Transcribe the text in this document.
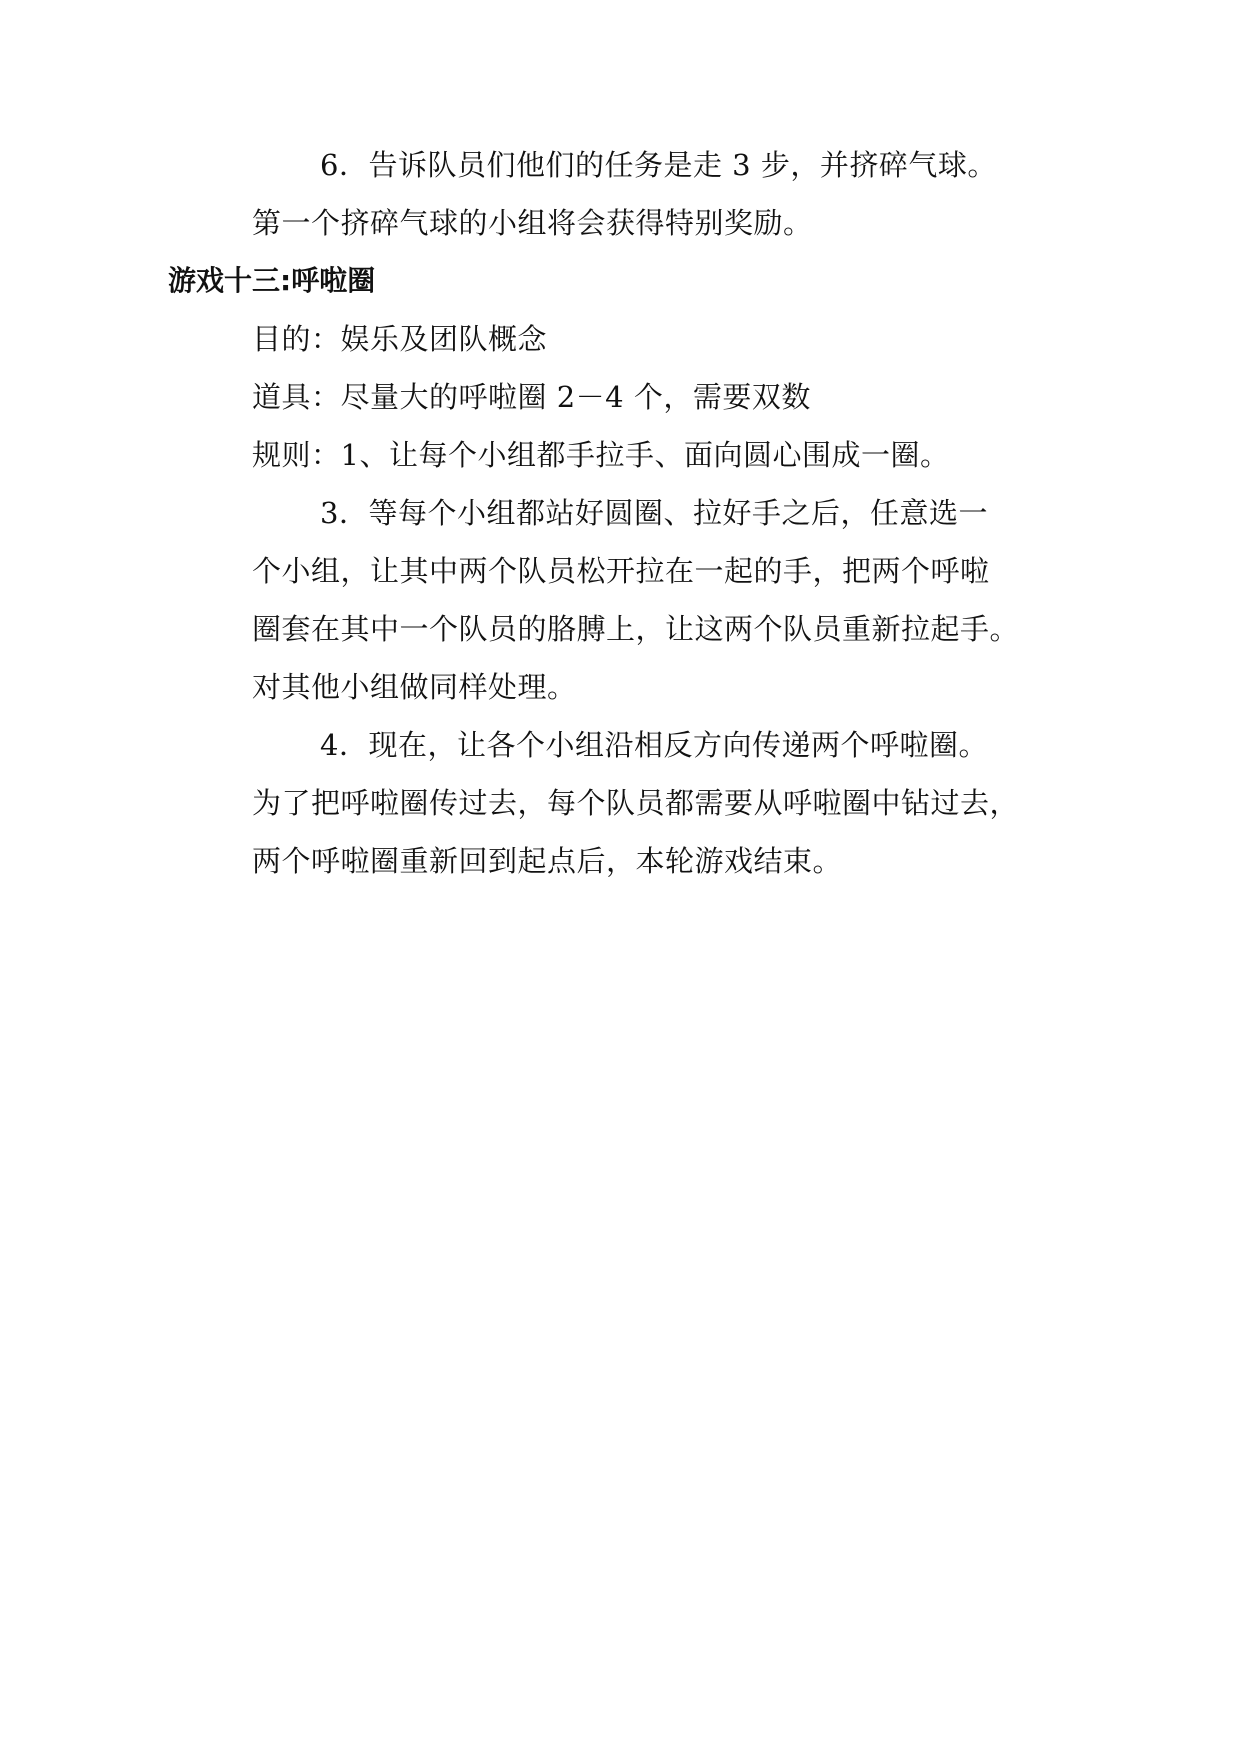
6．告诉队员们他们的任务是走 3 步，并挤碎气球。
第一个挤碎气球的小组将会获得特别奖励。
游戏十三:呼啦圈
目的：娱乐及团队概念
道具：尽量大的呼啦圈 2－4 个，需要双数
规则：1、让每个小组都手拉手、面向圆心围成一圈。
3．等每个小组都站好圆圈、拉好手之后，任意选一
个小组，让其中两个队员松开拉在一起的手，把两个呼啦
圈套在其中一个队员的胳膊上，让这两个队员重新拉起手。
对其他小组做同样处理。
4．现在，让各个小组沿相反方向传递两个呼啦圈。
为了把呼啦圈传过去，每个队员都需要从呼啦圈中钻过去，
两个呼啦圈重新回到起点后，本轮游戏结束。
